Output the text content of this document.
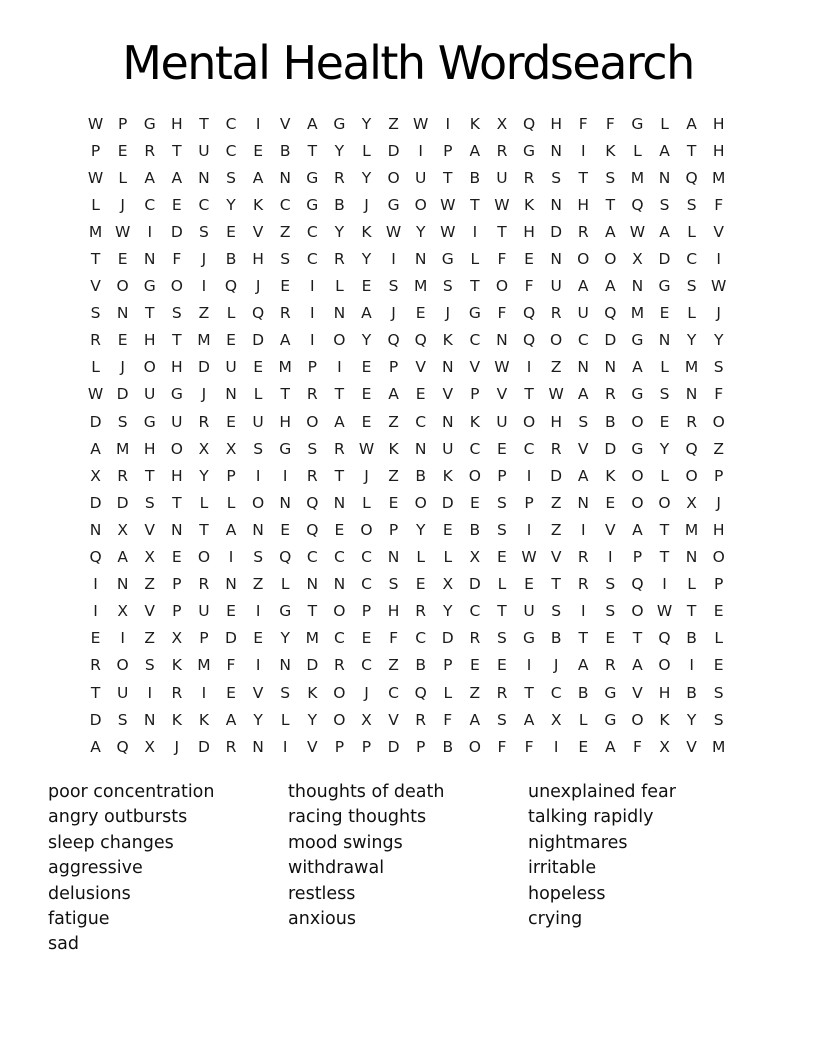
Mental Health Wordsearch
W P	G H	T	C	I	V	A	G	Y	Z W	I	K	X	Q H	F	F	G	L	A	H
P	E	R	T	U	C	E	B	T	Y	L	D	I	P	A	R	G N	I	K	L	A	T	H
W L	A	A	N	S	A	N G	R	Y	O U	T	B	U	R	S	T	S M N Q M
L	J	C	E	C	Y	K	C	G	B	J	G O W T W K	N H	T	Q	S	S	F
M W	I	D	S	E	V	Z	C	Y	K W Y W	I	T	H D	R	A W A	L	V
T	E	N	F	J	B	H	S	C	R	Y	I	N G	L	F	E	N O O	X	D	C	I
V	O G O	I	Q	J	E	I	L	E	S M S	T	O	F	U	A	A	N G	S W
S	N	T	S	Z	L	Q	R	I	N	A	J	E	J	G	F	Q	R	U Q M	E	L	J
R	E	H	T	M	E	D	A	I	O	Y	Q Q	K	C	N Q O	C	D G N	Y	Y
L	J	O H D U	E	M	P	I	E	P	V	N	V W	I	Z	N N	A	L	M S
W D U G	J	N	L	T	R	T	E	A	E	V	P	V	T W A	R	G	S	N	F
D	S	G U	R	E	U	H O	A	E	Z	C	N	K	U O H	S	B	O	E	R	O
A M H O	X	X	S	G	S	R W K	N	U	C	E	C	R	V	D G	Y	Q	Z
X	R	T	H	Y	P	I	I	R	T	J	Z	B	K	O	P	I	D	A	K	O	L	O	P
D D	S	T	L	L	O N Q N	L	E	O D	E	S	P	Z	N	E	O O	X	J
N	X	V	N	T	A	N	E	Q	E	O	P	Y	E	B	S	I	Z	I	V	A	T	M H
Q	A	X	E	O	I	S	Q	C	C	C	N	L	L	X	E W V	R	I	P	T	N O
I	N	Z	P	R	N	Z	L	N N	C	S	E	X	D	L	E	T	R	S	Q	I	L	P
I	X	V	P	U	E	I	G	T	O	P	H	R	Y	C	T	U	S	I	S	O W T	E
E	I	Z	X	P	D	E	Y	M C	E	F	C	D	R	S	G	B	T	E	T	Q	B	L
R	O	S	K M	F	I	N D	R	C	Z	B	P	E	E	I	J	A	R	A	O	I	E
T	U	I	R	I	E	V	S	K	O	J	C	Q	L	Z	R	T	C	B	G	V	H	B	S
D	S	N	K	K	A	Y	L	Y	O	X	V	R	F	A	S	A	X	L	G O	K	Y	S
A	Q	X	J	D	R	N	I	V	P	P	D	P	B	O	F	F	I	E	A	F	X	V M
poor concentration
angry outbursts
sleep changes
aggressive
delusions
fatigue
sad
thoughts of death
racing thoughts
mood swings
withdrawal
restless
anxious
unexplained fear
talking rapidly
nightmares
irritable
hopeless
crying
